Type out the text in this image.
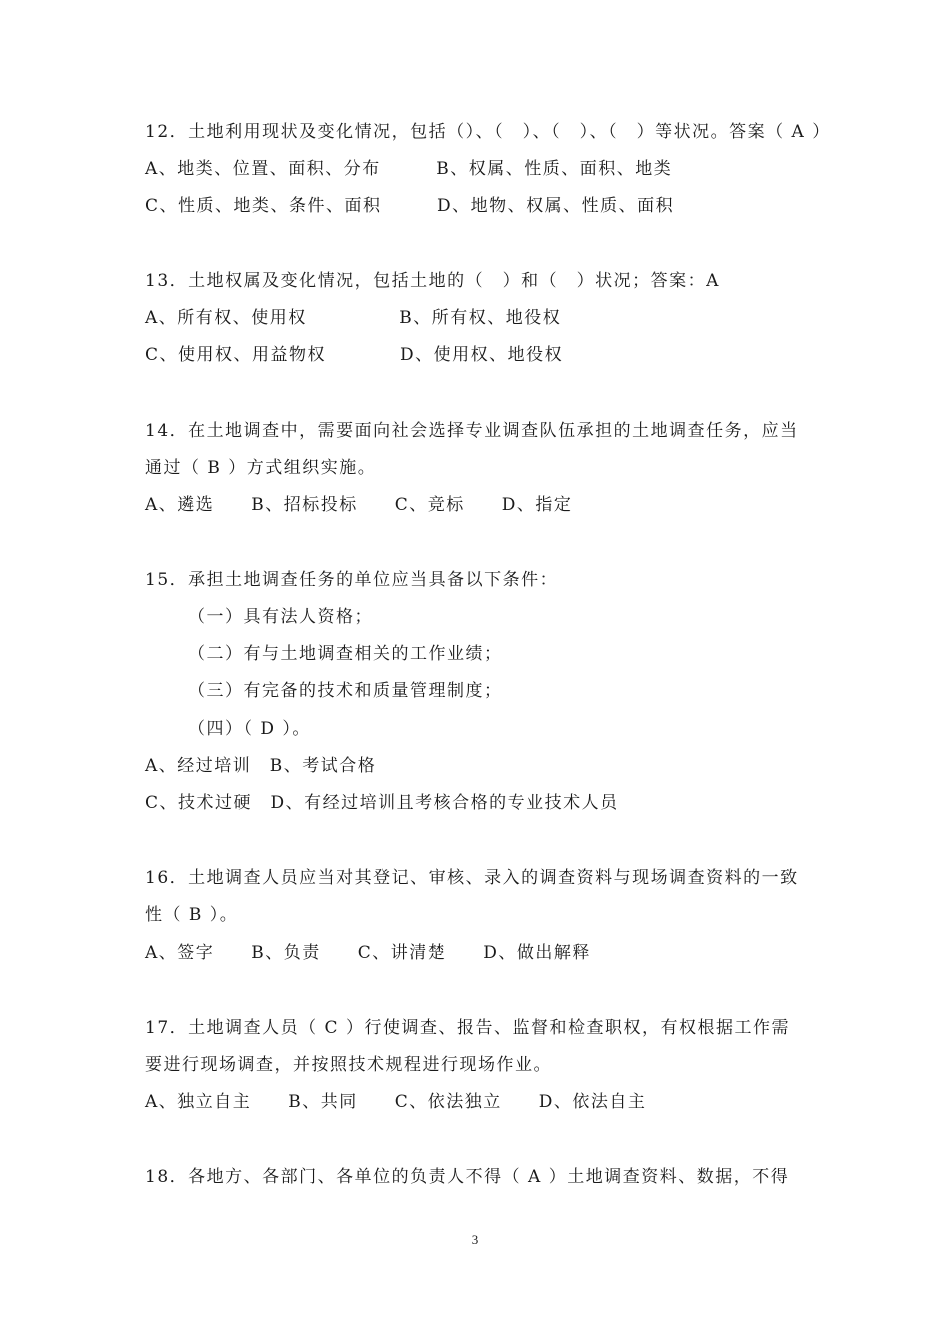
12．土地利用现状及变化情况，包括（）、（　）、（　）、（　）等状况。答案（ A ）
A、地类、位置、面积、分布　　　B、权属、性质、面积、地类
C、性质、地类、条件、面积　　　D、地物、权属、性质、面积
13．土地权属及变化情况，包括土地的（　）和（　）状况；答案：A
A、所有权、使用权　　　　　B、所有权、地役权
C、使用权、用益物权　　　　D、使用权、地役权
14．在土地调查中，需要面向社会选择专业调查队伍承担的土地调查任务，应当
通过（ B ）方式组织实施。
A、遴选　　B、招标投标　　C、竞标　　D、指定
15．承担土地调查任务的单位应当具备以下条件：
（一）具有法人资格；
（二）有与土地调查相关的工作业绩；
（三）有完备的技术和质量管理制度；
（四）（ D ）。
A、经过培训　B、考试合格
C、技术过硬　D、有经过培训且考核合格的专业技术人员
16．土地调查人员应当对其登记、审核、录入的调查资料与现场调查资料的一致
性（ B ）。
A、签字　　B、负责　　C、讲清楚　　D、做出解释
17．土地调查人员（ C ）行使调查、报告、监督和检查职权，有权根据工作需
要进行现场调查，并按照技术规程进行现场作业。
A、独立自主　　B、共同　　C、依法独立　　D、依法自主
18．各地方、各部门、各单位的负责人不得（ A ）土地调查资料、数据，不得
3
